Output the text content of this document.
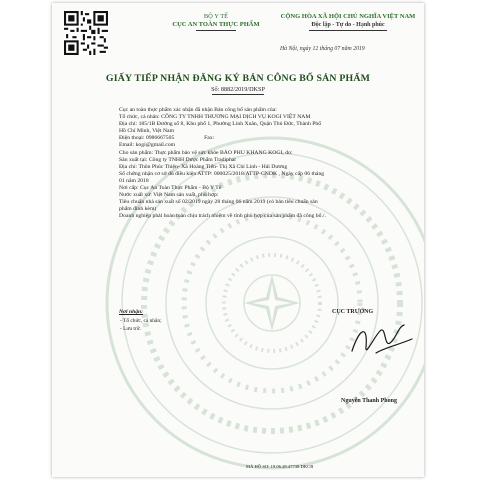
BỘ Y TẾ
CỤC AN TOÀN THỰC PHẨM
CỘNG HÒA XÃ HỘI CHỦ NGHĨA VIỆT NAM
Độc lập - Tự do - Hạnh phúc
Hà Nội, ngày 12 tháng 07 năm 2019
GIẤY TIẾP NHẬN ĐĂNG KÝ BẢN CÔNG BỐ SẢN PHẨM
Số: 8882/2019/DKSP

Cục an toàn thực phẩm xác nhận đã nhận Bản công bố sản phẩm của:

Tổ chức, cá nhân: CÔNG TY TNHH THƯƠNG MẠI DỊCH VỤ KOGI VIỆT NAM

Địa chỉ: 185/1B Đường số 8, Khu phố 1, Phường Linh Xuân, Quận Thủ Đức, Thành Phố

Hồ Chí Minh, Việt Nam

Điện thoại: 0986667505                     Fax:

Email: kogi@gmail.com

Cho sản phẩm: Thực phẩm bảo vệ sức khỏe BẢO PHU KHANG KOGI, do:

Sản xuất tại: Công ty TNHH Dược Phẩm Tradiphar

Địa chỉ: Thôn Phúc Thiện- Xã Hoàng Tiến- Thị Xã Chí Linh - Hải Dương

Số chứng nhận cơ sở đủ điều kiện ATTP: 000025/2018/ATTP-CNDK , Ngày cấp 06 tháng

01 năm 2018

Nơi cấp: Cục An Toàn Thực Phẩm - Bộ Y Tế

Nước xuất xứ: Việt Nam sản xuất, phù hợp:

Tiêu chuẩn nhà sản xuất số 02/2019 ngày 28 tháng 06 năm 2019 (có bản tiêu chuẩn sản

phẩm đính kèm)

Doanh nghiệp phải hoàn toàn chịu trách nhiệm về tính phù hợp của sản phẩm đã công bố./.

Nơi nhận:
- Tổ chức, cá nhân;
- Lưu trữ.
CỤC TRƯỞNG
Nguyễn Thanh Phong
MÃ HỒ SƠ: 19.06.28.47738.DKCB
